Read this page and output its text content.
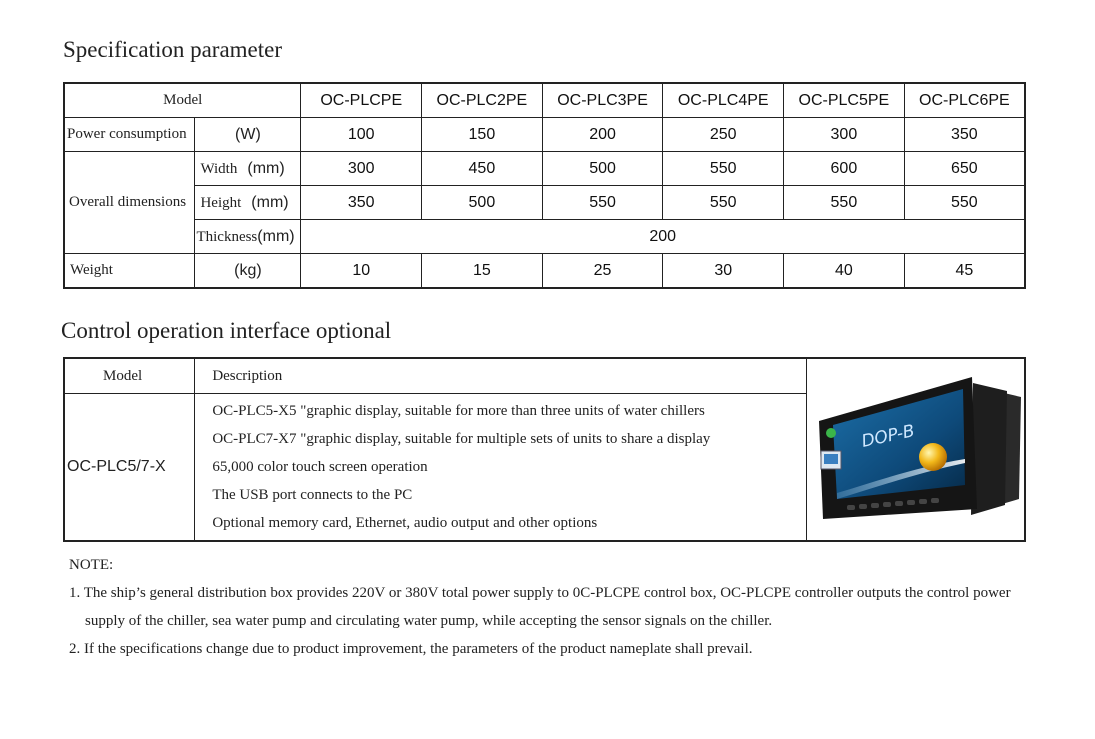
Specification parameter
Model		OC-PLCPE	OC-PLC2PE	OC-PLC3PE	OC-PLC4PE	OC-PLC5PE	OC-PLC6PE
Power consumption	(W)	100	150	200	250	300	350
Overall dimensions	Width (mm)	300	450	500	550	600	650
	Height (mm)	350	500	550	550	550	550
	Thickness(mm)	200					
Weight	(kg)	10	15	25	30	40	45
Control operation interface optional
Model	Description	DOP-B

OC-PLC5/7-X	OC-PLC5-X5 "graphic display, suitable for more than three units of water chillers
OC-PLC7-X7 "graphic display, suitable for multiple sets of units to share a display
65,000 color touch screen operation
The USB port connects to the PC
Optional memory card, Ethernet, audio output and other options	
NOTE:
1. The ship’s general distribution box provides 220V or 380V total power supply to 0C-PLCPE control box, OC-PLCPE controller outputs the control power
supply of the chiller, sea water pump and circulating water pump, while accepting the sensor signals on the chiller.
2. If the specifications change due to product improvement, the parameters of the product nameplate shall prevail.
